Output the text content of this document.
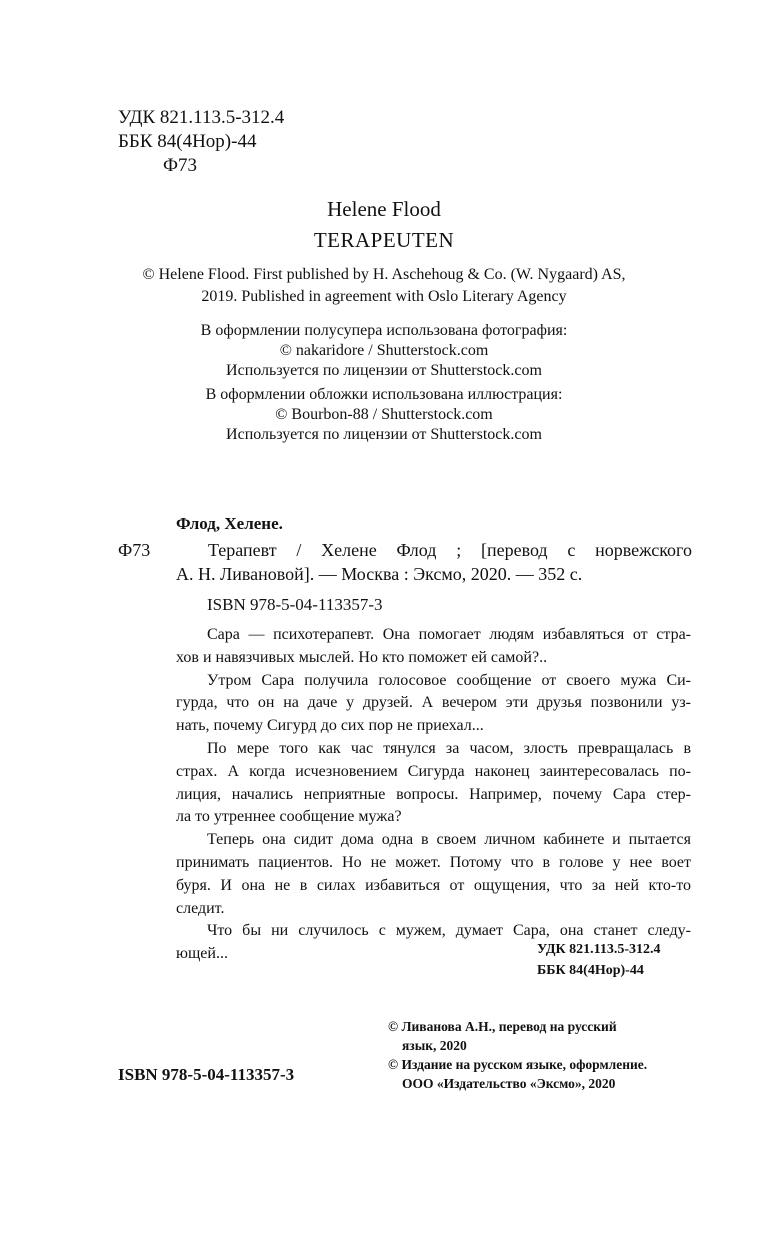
УДК 821.113.5-312.4
ББК 84(4Нор)-44
Ф73
Helene Flood
TERAPEUTEN
© Helene Flood. First published by H. Aschehoug & Co. (W. Nygaard) AS,
2019. Published in agreement with Oslo Literary Agency
В оформлении полусупера использована фотография:
© nakaridore / Shutterstock.com
Используется по лицензии от Shutterstock.com
В оформлении обложки использована иллюстрация:
© Bourbon-88 / Shutterstock.com
Используется по лицензии от Shutterstock.com
Флод, Хелене.
Ф73	Терапевт / Хелене Флод ; [перевод с норвежского
А. Н. Ливановой]. — Москва : Эксмо, 2020. — 352 с.
ISBN 978-5-04-113357-3
Сара — психотерапевт. Она помогает людям избавляться от стра-
хов и навязчивых мыслей. Но кто поможет ей самой?..
Утром Сара получила голосовое сообщение от своего мужа Си-
гурда, что он на даче у друзей. А вечером эти друзья позвонили уз-
нать, почему Сигурд до сих пор не приехал...
По мере того как час тянулся за часом, злость превращалась в
страх. А когда исчезновением Сигурда наконец заинтересовалась по-
лиция, начались неприятные вопросы. Например, почему Сара стер-
ла то утреннее сообщение мужа?
Теперь она сидит дома одна в своем личном кабинете и пытается
принимать пациентов. Но не может. Потому что в голове у нее воет
буря. И она не в силах избавиться от ощущения, что за ней кто-то
следит.
Что бы ни случилось с мужем, думает Сара, она станет следу-
ющей...	УДК 821.113.5-312.4
ББК 84(4Нор)-44
ISBN 978-5-04-113357-3
© Ливанова А.Н., перевод на русский
язык, 2020
© Издание на русском языке, оформление.
ООО «Издательство «Эксмо», 2020
